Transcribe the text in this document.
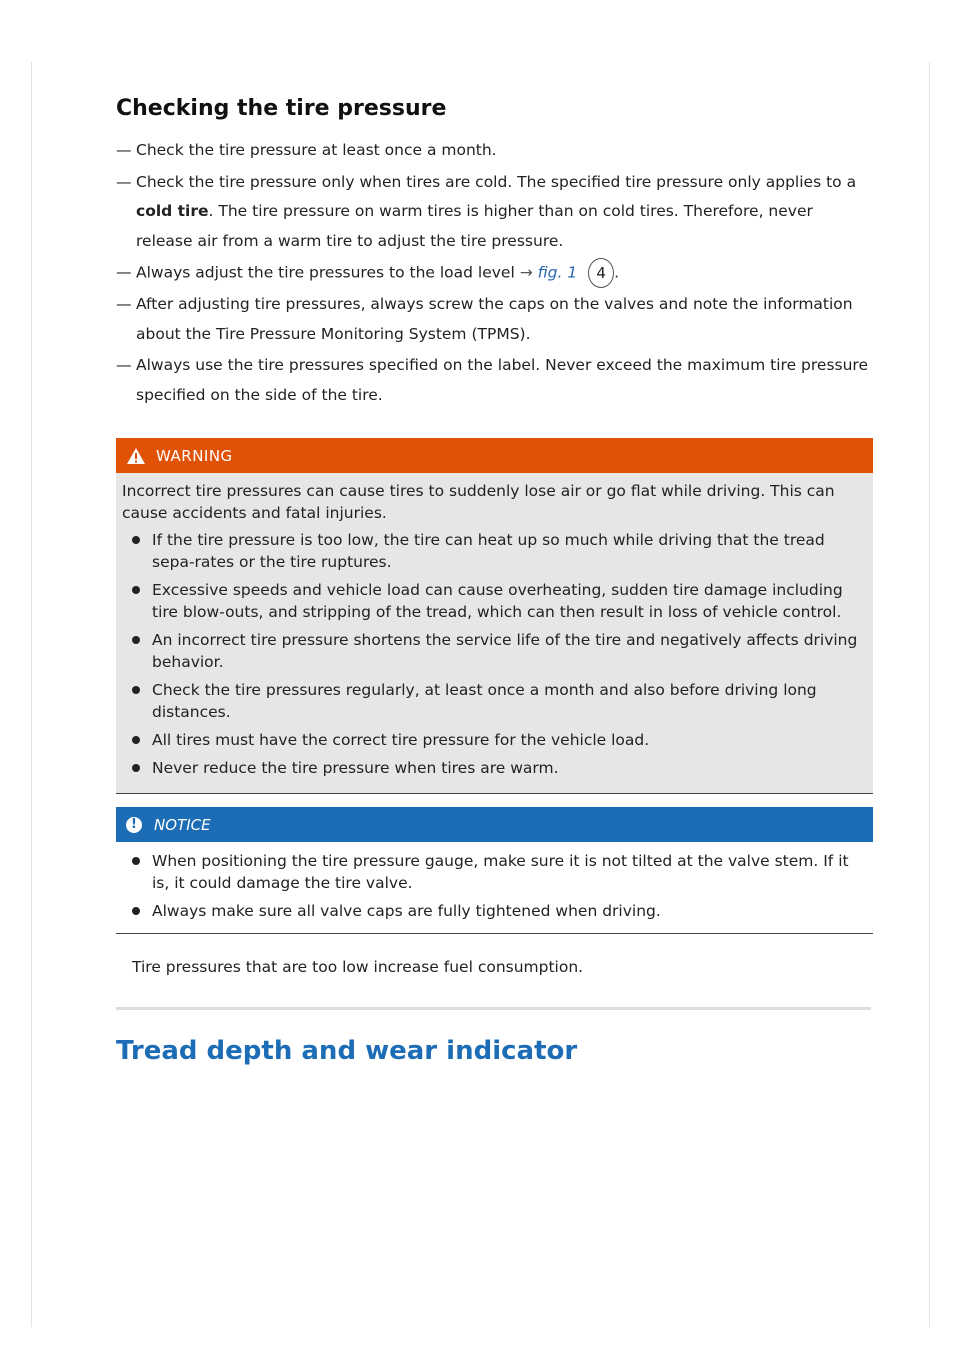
Checking the tire pressure
— Check the tire pressure at least once a month.
— Check the tire pressure only when tires are cold. The specified tire pressure only applies to a cold tire. The tire pressure on warm tires is higher than on cold tires. Therefore, never release air from a warm tire to adjust the tire pressure.
— Always adjust the tire pressures to the load level → fig. 1 4 .
— After adjusting tire pressures, always screw the caps on the valves and note the information about the Tire Pressure Monitoring System (TPMS).
— Always use the tire pressures specified on the label. Never exceed the maximum tire pressure specified on the side of the tire.
WARNING

Incorrect tire pressures can cause tires to suddenly lose air or go flat while driving. This can cause accidents and fatal injuries.

If the tire pressure is too low, the tire can heat up so much while driving that the tread sepa-rates or the tire ruptures.
Excessive speeds and vehicle load can cause overheating, sudden tire damage including tire blow-outs, and stripping of the tread, which can then result in loss of vehicle control.
An incorrect tire pressure shortens the service life of the tire and negatively affects driving behavior.
Check the tire pressures regularly, at least once a month and also before driving long distances.
All tires must have the correct tire pressure for the vehicle load.
Never reduce the tire pressure when tires are warm.
!	NOTICE
When positioning the tire pressure gauge, make sure it is not tilted at the valve stem. If it is, it could damage the tire valve.
Always make sure all valve caps are fully tightened when driving.
Tire pressures that are too low increase fuel consumption.
Tread depth and wear indicator
